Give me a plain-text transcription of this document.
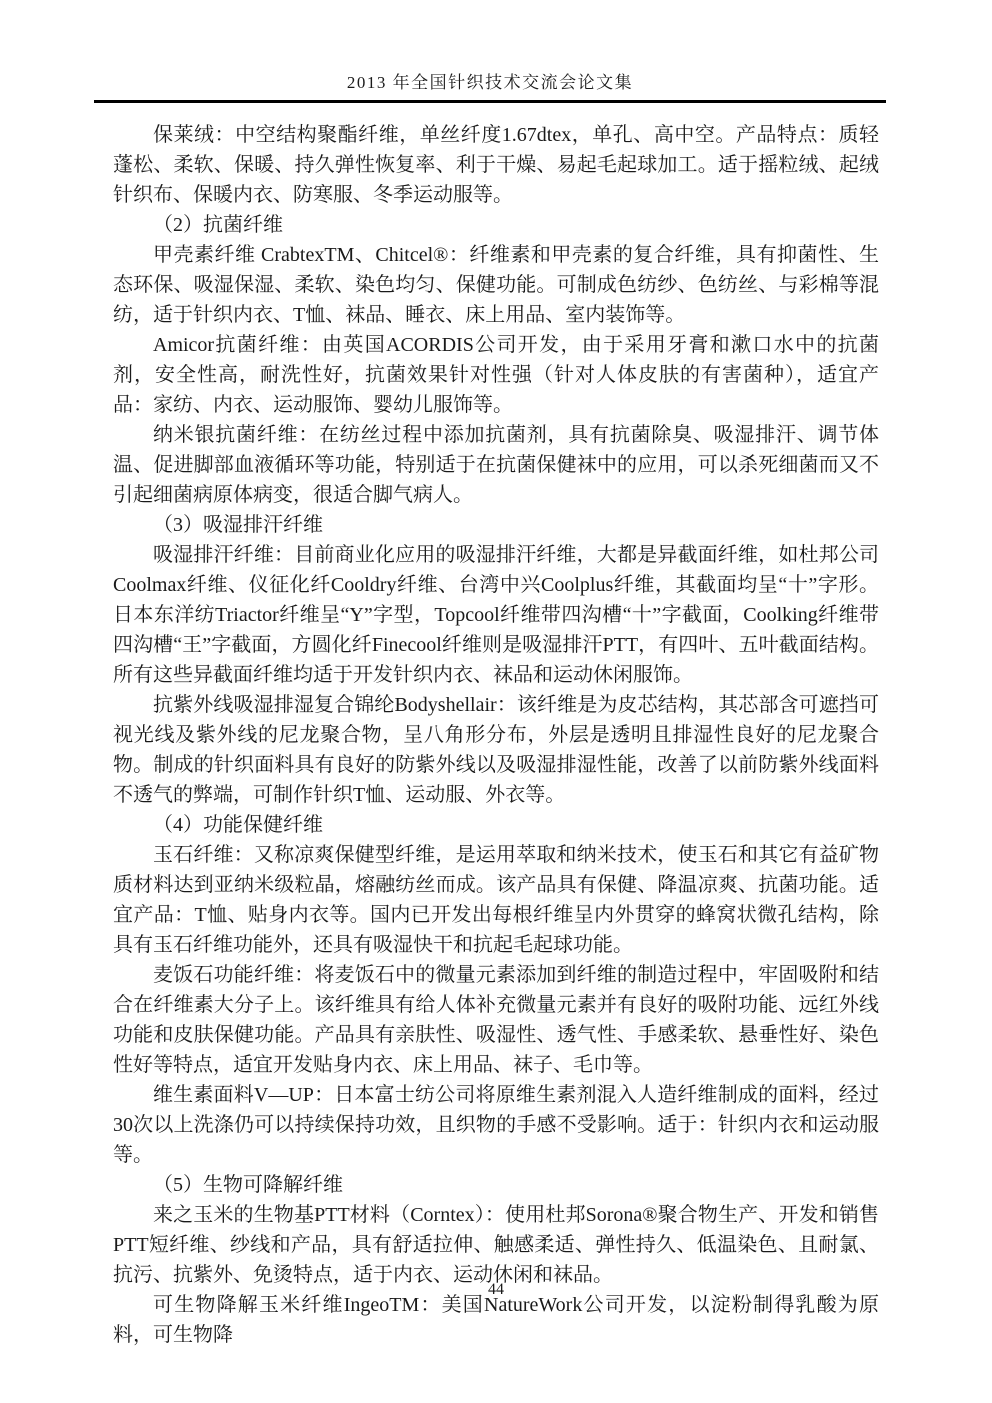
2013 年全国针织技术交流会论文集

保莱绒：中空结构聚酯纤维，单丝纤度1.67dtex，单孔、高中空。产品特点：质轻蓬松、柔软、保暖、持久弹性恢复率、利于干燥、易起毛起球加工。适于摇粒绒、起绒针织布、保暖内衣、防寒服、冬季运动服等。

（2）抗菌纤维

甲壳素纤维 CrabtexTM、Chitcel®：纤维素和甲壳素的复合纤维，具有抑菌性、生态环保、吸湿保湿、柔软、染色均匀、保健功能。可制成色纺纱、色纺丝、与彩棉等混纺，适于针织内衣、T恤、袜品、睡衣、床上用品、室内装饰等。

Amicor抗菌纤维：由英国ACORDIS公司开发，由于采用牙膏和漱口水中的抗菌剂，安全性高，耐洗性好，抗菌效果针对性强（针对人体皮肤的有害菌种），适宜产品：家纺、内衣、运动服饰、婴幼儿服饰等。

纳米银抗菌纤维：在纺丝过程中添加抗菌剂，具有抗菌除臭、吸湿排汗、调节体温、促进脚部血液循环等功能，特别适于在抗菌保健袜中的应用，可以杀死细菌而又不引起细菌病原体病变，很适合脚气病人。

（3）吸湿排汗纤维

吸湿排汗纤维：目前商业化应用的吸湿排汗纤维，大都是异截面纤维，如杜邦公司Coolmax纤维、仪征化纤Cooldry纤维、台湾中兴Coolplus纤维，其截面均呈“十”字形。日本东洋纺Triactor纤维呈“Y”字型，Topcool纤维带四沟槽“十”字截面，Coolking纤维带四沟槽“王”字截面，方圆化纤Finecool纤维则是吸湿排汗PTT，有四叶、五叶截面结构。所有这些异截面纤维均适于开发针织内衣、袜品和运动休闲服饰。

抗紫外线吸湿排湿复合锦纶Bodyshellair：该纤维是为皮芯结构，其芯部含可遮挡可视光线及紫外线的尼龙聚合物，呈八角形分布，外层是透明且排湿性良好的尼龙聚合物。制成的针织面料具有良好的防紫外线以及吸湿排湿性能，改善了以前防紫外线面料不透气的弊端，可制作针织T恤、运动服、外衣等。

（4）功能保健纤维

玉石纤维：又称凉爽保健型纤维，是运用萃取和纳米技术，使玉石和其它有益矿物质材料达到亚纳米级粒晶，熔融纺丝而成。该产品具有保健、降温凉爽、抗菌功能。适宜产品：T恤、贴身内衣等。国内已开发出每根纤维呈内外贯穿的蜂窝状微孔结构，除具有玉石纤维功能外，还具有吸湿快干和抗起毛起球功能。

麦饭石功能纤维：将麦饭石中的微量元素添加到纤维的制造过程中，牢固吸附和结合在纤维素大分子上。该纤维具有给人体补充微量元素并有良好的吸附功能、远红外线功能和皮肤保健功能。产品具有亲肤性、吸湿性、透气性、手感柔软、悬垂性好、染色性好等特点，适宜开发贴身内衣、床上用品、袜子、毛巾等。

维生素面料V—UP：日本富士纺公司将原维生素剂混入人造纤维制成的面料，经过30次以上洗涤仍可以持续保持功效，且织物的手感不受影响。适于：针织内衣和运动服等。

（5）生物可降解纤维

来之玉米的生物基PTT材料（Corntex）：使用杜邦Sorona®聚合物生产、开发和销售PTT短纤维、纱线和产品，具有舒适拉伸、触感柔适、弹性持久、低温染色、且耐氯、抗污、抗紫外、免烫特点，适于内衣、运动休闲和袜品。

可生物降解玉米纤维IngeoTM：美国NatureWork公司开发，以淀粉制得乳酸为原料，可生物降

44
